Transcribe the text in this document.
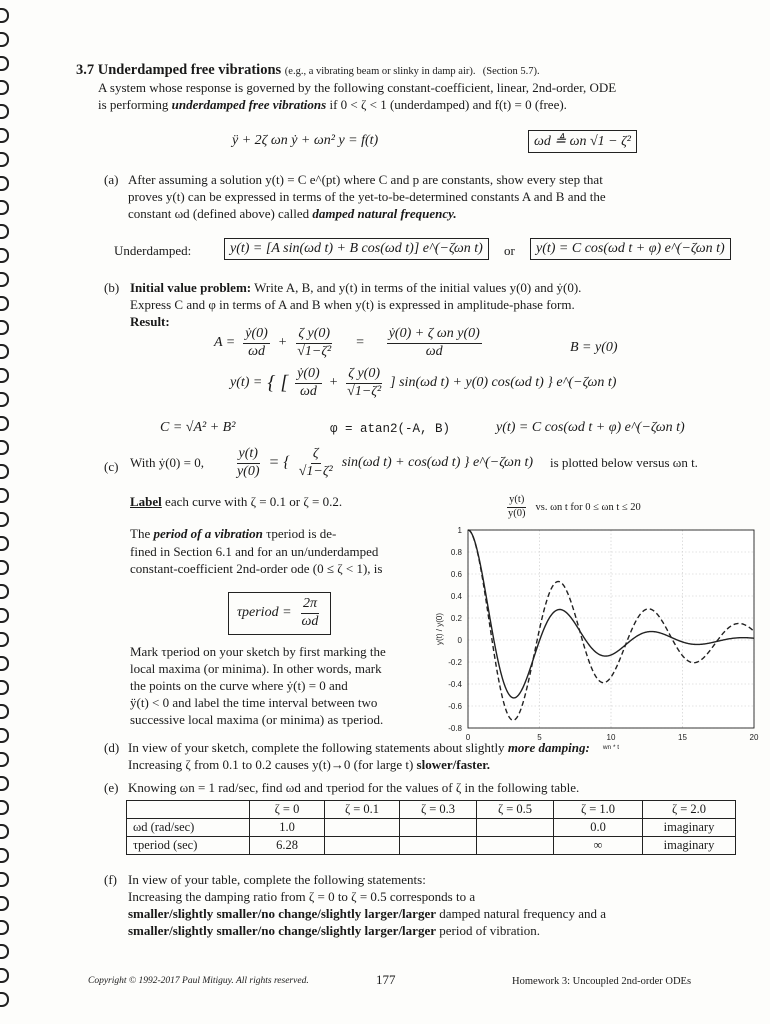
3.7 Underdamped free vibrations (e.g., a vibrating beam or slinky in damp air). (Section 5.7).
A system whose response is governed by the following constant-coefficient, linear, 2nd-order, ODE
is performing underdamped free vibrations if 0 < ζ < 1 (underdamped) and f(t) = 0 (free).
ÿ + 2ζ ωn ẏ + ωn² y = f(t)	ωd ≜ ωn √1 − ζ²
(a) After assuming a solution y(t) = C e^(pt) where C and p are constants, show every step that
proves y(t) can be expressed in terms of the yet-to-be-determined constants A and B and the
constant ωd (defined above) called damped natural frequency.
Underdamped:	y(t) = [A sin(ωd t) + B cos(ωd t)] e^(−ζωn t)	or	y(t) = C cos(ωd t + φ) e^(−ζωn t)
(b) Initial value problem: Write A, B, and y(t) in terms of the initial values y(0) and ẏ(0).
Express C and φ in terms of A and B when y(t) is expressed in amplitude-phase form.
Result:
$A = \frac{\text{ẏ(0)}}{\omega d} + \frac{\text{ζ y(0)}}{\text{√1−ζ²}} = \frac{\text{ẏ(0) + ζ ωn y(0)}}{\omega d}$	B = y(0)
y(t) = { [ $\frac{\text{ẏ(0)}}{\omega d} + \frac{\text{ζ y(0)}}{\text{√1−ζ²}}$ ] sin(ωd t) + y(0) cos(ωd t) } e^(−ζωn t)
C = √A² + B²	φ = atan2(-A, B)	y(t) = C cos(ωd t + φ) e^(−ζωn t)
(c) With ẏ(0) = 0, $\frac{y(t)}{y(0)}$ = { $\frac{\zeta}{\text{√1−ζ²}} \sin(\omega d$ t) + cos(ωd t) } e^(−ζωn t) is plotted below versus ωn t.
Label each curve with ζ = 0.1 or ζ = 0.2.	$\frac{y(t)}{y(0)}$ vs. ωn t for 0 ≤ ωn t ≤ 20
The period of a vibration τperiod is de-
fined in Section 6.1 and for an un/underdamped
constant-coefficient 2nd-order ode (0 ≤ ζ < 1), is
τperiod = $\frac{2\pi}{\omega d}$
Mark τperiod on your sketch by first marking the
local maxima (or minima). In other words, mark
the points on the curve where ẏ(t) = 0 and
ÿ(t) < 0 and label the time interval between two
successive local maxima (or minima) as τperiod.
0	5	10	15	20
-0.8
-0.6
-0.4
-0.2
0
0.2
0.4
0.6
0.8
1
wn * t
y(t) / y(0)
(d) In view of your sketch, complete the following statements about slightly more damping:
Increasing ζ from 0.1 to 0.2 causes y(t)→0 (for large t) slower/faster.
(e) Knowing ωn = 1 rad/sec, find ωd and τperiod for the values of ζ in the following table.
	ζ = 0	ζ = 0.1	ζ = 0.3	ζ = 0.5	ζ = 1.0	ζ = 2.0
ωd (rad/sec)	1.0				0.0	imaginary
τperiod (sec)	6.28				∞	imaginary
(f) In view of your table, complete the following statements:
Increasing the damping ratio from ζ = 0 to ζ = 0.5 corresponds to a
smaller/slightly smaller/no change/slightly larger/larger damped natural frequency and a
smaller/slightly smaller/no change/slightly larger/larger period of vibration.
Copyright © 1992-2017 Paul Mitiguy. All rights reserved.	177	Homework 3: Uncoupled 2nd-order ODEs
